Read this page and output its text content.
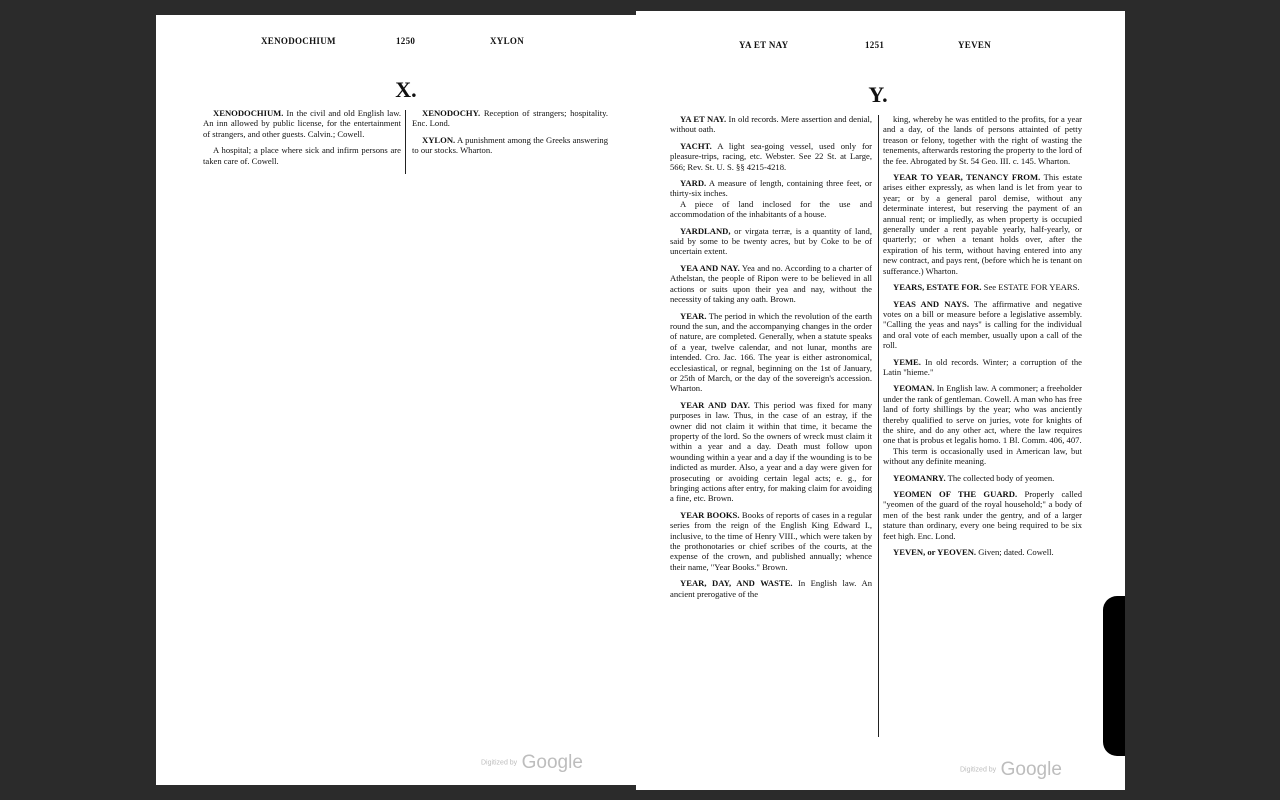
XENODOCHIUM	1250	XYLON
X.

XENODOCHIUM. In the civil and old English law. An inn allowed by public license, for the entertainment of strangers, and other guests. Calvin.; Cowell.

A hospital; a place where sick and infirm persons are taken care of. Cowell.

XENODOCHY. Reception of strangers; hospitality. Enc. Lond.

XYLON. A punishment among the Greeks answering to our stocks. Wharton.

Digitized by Google
YA ET NAY	1251	YEVEN
Y.

YA ET NAY. In old records. Mere assertion and denial, without oath.

YACHT. A light sea-going vessel, used only for pleasure-trips, racing, etc. Webster. See 22 St. at Large, 566; Rev. St. U. S. §§ 4215-4218.

YARD. A measure of length, containing three feet, or thirty-six inches.

A piece of land inclosed for the use and accommodation of the inhabitants of a house.

YARDLAND, or virgata terræ, is a quantity of land, said by some to be twenty acres, but by Coke to be of uncertain extent.

YEA AND NAY. Yea and no. According to a charter of Athelstan, the people of Ripon were to be believed in all actions or suits upon their yea and nay, without the necessity of taking any oath. Brown.

YEAR. The period in which the revolution of the earth round the sun, and the accompanying changes in the order of nature, are completed. Generally, when a statute speaks of a year, twelve calendar, and not lunar, months are intended. Cro. Jac. 166. The year is either astronomical, ecclesiastical, or regnal, beginning on the 1st of January, or 25th of March, or the day of the sovereign's accession. Wharton.

YEAR AND DAY. This period was fixed for many purposes in law. Thus, in the case of an estray, if the owner did not claim it within that time, it became the property of the lord. So the owners of wreck must claim it within a year and a day. Death must follow upon wounding within a year and a day if the wounding is to be indicted as murder. Also, a year and a day were given for prosecuting or avoiding certain legal acts; e. g., for bringing actions after entry, for making claim for avoiding a fine, etc. Brown.

YEAR BOOKS. Books of reports of cases in a regular series from the reign of the English King Edward I., inclusive, to the time of Henry VIII., which were taken by the prothonotaries or chief scribes of the courts, at the expense of the crown, and published annually; whence their name, "Year Books." Brown.

YEAR, DAY, AND WASTE. In English law. An ancient prerogative of the

king, whereby he was entitled to the profits, for a year and a day, of the lands of persons attainted of petty treason or felony, together with the right of wasting the tenements, afterwards restoring the property to the lord of the fee. Abrogated by St. 54 Geo. III. c. 145. Wharton.

YEAR TO YEAR, TENANCY FROM. This estate arises either expressly, as when land is let from year to year; or by a general parol demise, without any determinate interest, but reserving the payment of an annual rent; or impliedly, as when property is occupied generally under a rent payable yearly, half-yearly, or quarterly; or when a tenant holds over, after the expiration of his term, without having entered into any new contract, and pays rent, (before which he is tenant on sufferance.) Wharton.

YEARS, ESTATE FOR. See ESTATE FOR YEARS.

YEAS AND NAYS. The affirmative and negative votes on a bill or measure before a legislative assembly. "Calling the yeas and nays" is calling for the individual and oral vote of each member, usually upon a call of the roll.

YEME. In old records. Winter; a corruption of the Latin "hieme."

YEOMAN. In English law. A commoner; a freeholder under the rank of gentleman. Cowell. A man who has free land of forty shillings by the year; who was anciently thereby qualified to serve on juries, vote for knights of the shire, and do any other act, where the law requires one that is probus et legalis homo. 1 Bl. Comm. 406, 407.

This term is occasionally used in American law, but without any definite meaning.

YEOMANRY. The collected body of yeomen.

YEOMEN OF THE GUARD. Properly called "yeomen of the guard of the royal household;" a body of men of the best rank under the gentry, and of a larger stature than ordinary, every one being required to be six feet high. Enc. Lond.

YEVEN, or YEOVEN. Given; dated. Cowell.

Digitized by Google
